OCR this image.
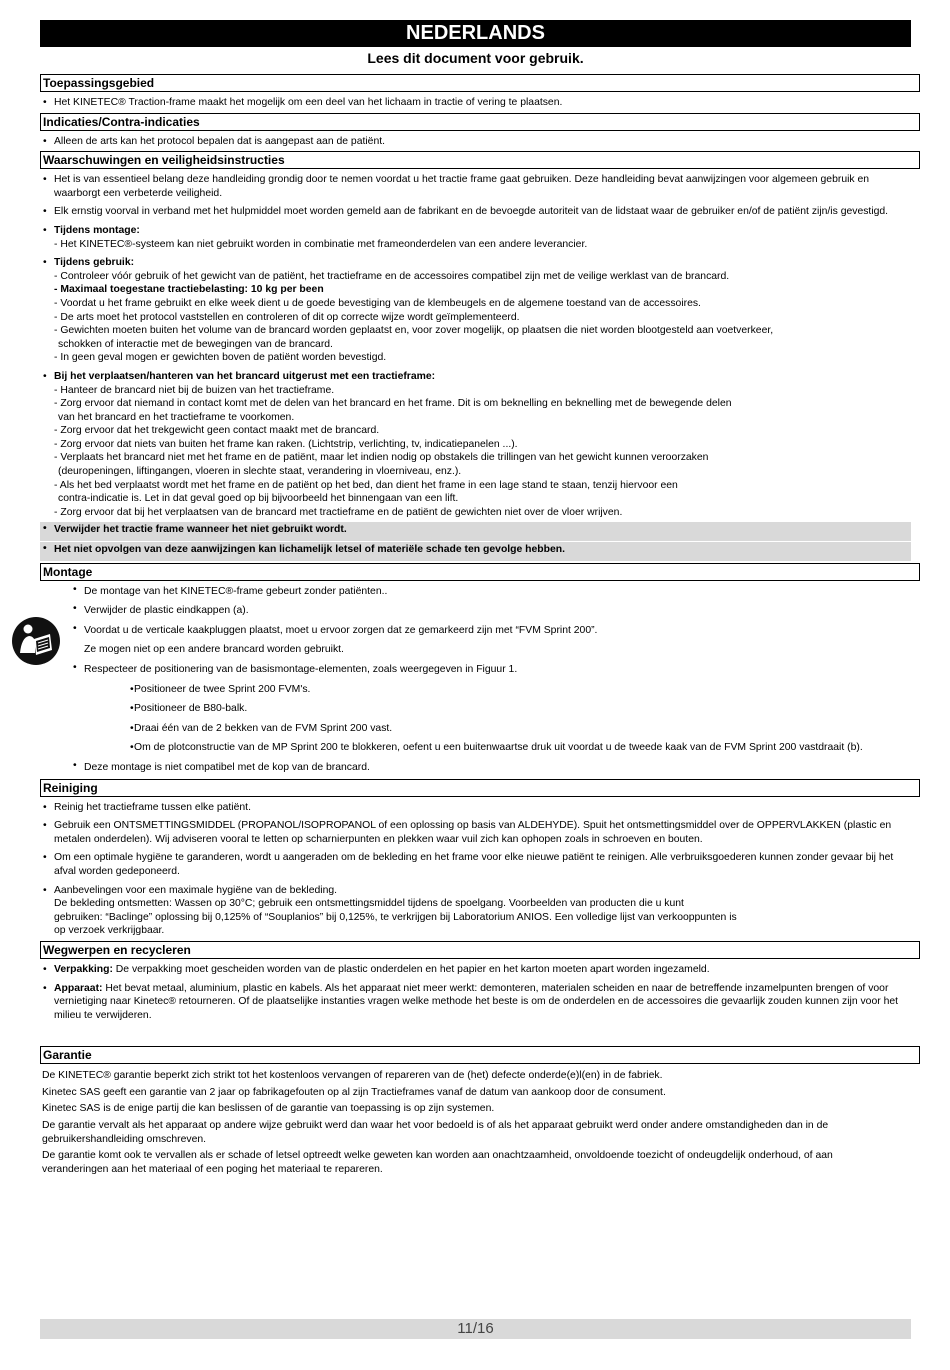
NEDERLANDS
Lees dit document voor gebruik.
Toepassingsgebied
• Het KINETEC® Traction-frame maakt het mogelijk om een deel van het lichaam in tractie of vering te plaatsen.
Indicaties/Contra-indicaties
• Alleen de arts kan het protocol bepalen dat is aangepast aan de patiënt.
Waarschuwingen en veiligheidsinstructies
• Het is van essentieel belang deze handleiding grondig door te nemen voordat u het tractie frame gaat gebruiken. Deze handleiding bevat aanwijzingen voor algemeen gebruik en waarborgt een verbeterde veiligheid.
• Elk ernstig voorval in verband met het hulpmiddel moet worden gemeld aan de fabrikant en de bevoegde autoriteit van de lidstaat waar de gebruiker en/of de patiënt zijn/is gevestigd.
• Tijdens montage:
- Het KINETEC®-systeem kan niet gebruikt worden in combinatie met frameonderdelen van een andere leverancier.
• Tijdens gebruik:
- Controleer vóór gebruik of het gewicht van de patiënt, het tractieframe en de accessoires compatibel zijn met de veilige werklast van de brancard.
- Maximaal toegestane tractiebelasting: 10 kg per been
- Voordat u het frame gebruikt en elke week dient u de goede bevestiging van de klembeugels en de algemene toestand van de accessoires.
- De arts moet het protocol vaststellen en controleren of dit op correcte wijze wordt geïmplementeerd.
- Gewichten moeten buiten het volume van de brancard worden geplaatst en, voor zover mogelijk, op plaatsen die niet worden blootgesteld aan voetverkeer,

schokken of interactie met de bewegingen van de brancard.
- In geen geval mogen er gewichten boven de patiënt worden bevestigd.
• Bij het verplaatsen/hanteren van het brancard uitgerust met een tractieframe:
- Hanteer de brancard niet bij de buizen van het tractieframe.
- Zorg ervoor dat niemand in contact komt met de delen van het brancard en het frame. Dit is om beknelling en beknelling met de bewegende delen

van het brancard en het tractieframe te voorkomen.
- Zorg ervoor dat het trekgewicht geen contact maakt met de brancard.
- Zorg ervoor dat niets van buiten het frame kan raken. (Lichtstrip, verlichting, tv, indicatiepanelen ...).
- Verplaats het brancard niet met het frame en de patiënt, maar let indien nodig op obstakels die trillingen van het gewicht kunnen veroorzaken

(deuropeningen, liftingangen, vloeren in slechte staat, verandering in vloerniveau, enz.).
- Als het bed verplaatst wordt met het frame en de patiënt op het bed, dan dient het frame in een lage stand te staan, tenzij hiervoor een

contra-indicatie is. Let in dat geval goed op bij bijvoorbeeld het binnengaan van een lift.
- Zorg ervoor dat bij het verplaatsen van de brancard met tractieframe en de patiënt de gewichten niet over de vloer wrijven.
• Verwijder het tractie frame wanneer het niet gebruikt wordt.
• Het niet opvolgen van deze aanwijzingen kan lichamelijk letsel of materiële schade ten gevolge hebben.
Montage
• De montage van het KINETEC®-frame gebeurt zonder patiënten..
• Verwijder de plastic eindkappen (a).
• Voordat u de verticale kaakpluggen plaatst, moet u ervoor zorgen dat ze gemarkeerd zijn met “FVM Sprint 200”.
Ze mogen niet op een andere brancard worden gebruikt.
• Respecteer de positionering van de basismontage-elementen, zoals weergegeven in Figuur 1.
• Positioneer de twee Sprint 200 FVM's.
• Positioneer de B80-balk.
• Draai één van de 2 bekken van de FVM Sprint 200 vast.
• Om de plotconstructie van de MP Sprint 200 te blokkeren, oefent u een buitenwaartse druk uit voordat u de tweede kaak van de FVM Sprint 200 vastdraait (b).
• Deze montage is niet compatibel met de kop van de brancard.
Reiniging
• Reinig het tractieframe tussen elke patiënt.
• Gebruik een ONTSMETTINGSMIDDEL (PROPANOL/ISOPROPANOL of een oplossing op basis van ALDEHYDE). Spuit het ontsmettingsmiddel over de OPPERVLAKKEN (plastic en metalen onderdelen). Wij adviseren vooral te letten op scharnierpunten en plekken waar vuil zich kan ophopen zoals in schroeven en bouten.
• Om een optimale hygiëne te garanderen, wordt u aangeraden om de bekleding en het frame voor elke nieuwe patiënt te reinigen. Alle verbruiksgoederen kunnen zonder gevaar bij het afval worden gedeponeerd.
• Aanbevelingen voor een maximale hygiëne van de bekleding.
De bekleding ontsmetten: Wassen op 30°C; gebruik een ontsmettingsmiddel tijdens de spoelgang. Voorbeelden van producten die u kunt
gebruiken: “Baclinge” oplossing bij 0,125% of “Souplanios” bij 0,125%, te verkrijgen bij Laboratorium ANIOS. Een volledige lijst van verkooppunten is
op verzoek verkrijgbaar.
Wegwerpen en recycleren
• Verpakking: De verpakking moet gescheiden worden van de plastic onderdelen en het papier en het karton moeten apart worden ingezameld.
• Apparaat: Het bevat metaal, aluminium, plastic en kabels. Als het apparaat niet meer werkt: demonteren, materialen scheiden en naar de betreffende inzamelpunten brengen of voor vernietiging naar Kinetec® retourneren. Of de plaatselijke instanties vragen welke methode het beste is om de onderdelen en de accessoires die gevaarlijk zouden kunnen zijn voor het milieu te verwijderen.
Garantie

De KINETEC® garantie beperkt zich strikt tot het kostenloos vervangen of repareren van de (het) defecte onderde(e)l(en) in de fabriek.

Kinetec SAS geeft een garantie van 2 jaar op fabrikagefouten op al zijn Tractieframes vanaf de datum van aankoop door de consument.

Kinetec SAS is de enige partij die kan beslissen of de garantie van toepassing is op zijn systemen.

De garantie vervalt als het apparaat op andere wijze gebruikt werd dan waar het voor bedoeld is of als het apparaat gebruikt werd onder andere omstandigheden dan in de gebruikershandleiding omschreven.

De garantie komt ook te vervallen als er schade of letsel optreedt welke geweten kan worden aan onachtzaamheid, onvoldoende toezicht of ondeugdelijk onderhoud, of aan veranderingen aan het materiaal of een poging het materiaal te repareren.

11/16
